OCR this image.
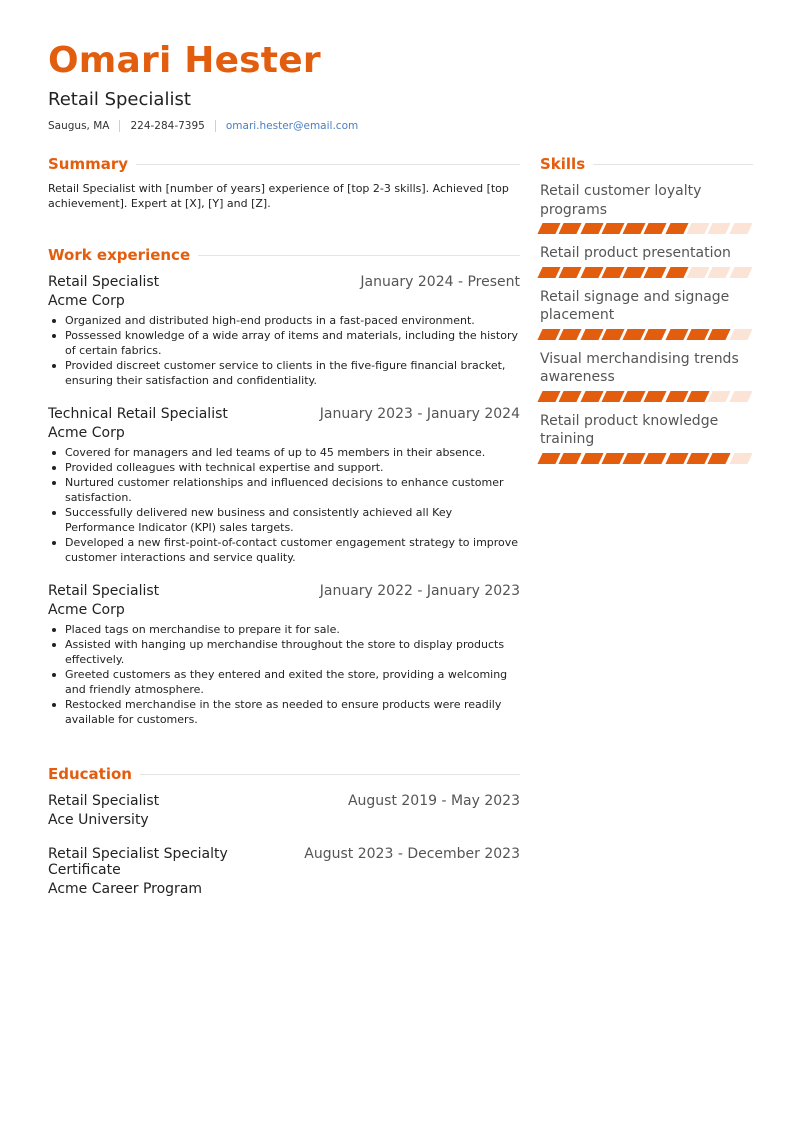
Omari Hester
Retail Specialist
Saugus, MA 224-284-7395 omari.hester@email.com
Summary

Retail Specialist with [number of years] experience of [top 2-3 skills]. Achieved [top achievement]. Expert at [X], [Y] and [Z].

Work experience
Retail Specialist	January 2024 - Present
Acme Corp
Organized and distributed high-end products in a fast-paced environment.
Possessed knowledge of a wide array of items and materials, including the history of certain fabrics.
Provided discreet customer service to clients in the five-figure financial bracket, ensuring their satisfaction and confidentiality.
Technical Retail Specialist	January 2023 - January 2024
Acme Corp
Covered for managers and led teams of up to 45 members in their absence.
Provided colleagues with technical expertise and support.
Nurtured customer relationships and influenced decisions to enhance customer satisfaction.
Successfully delivered new business and consistently achieved all Key Performance Indicator (KPI) sales targets.
Developed a new first-point-of-contact customer engagement strategy to improve customer interactions and service quality.
Retail Specialist	January 2022 - January 2023
Acme Corp
Placed tags on merchandise to prepare it for sale.
Assisted with hanging up merchandise throughout the store to display products effectively.
Greeted customers as they entered and exited the store, providing a welcoming and friendly atmosphere.
Restocked merchandise in the store as needed to ensure products were readily available for customers.
Education
Retail Specialist	August 2019 - May 2023
Ace University
Retail Specialist Specialty Certificate
August 2023 - December 2023
Acme Career Program
Skills
Retail customer loyalty programs
Retail product presentation
Retail signage and signage placement
Visual merchandising trends awareness
Retail product knowledge training
